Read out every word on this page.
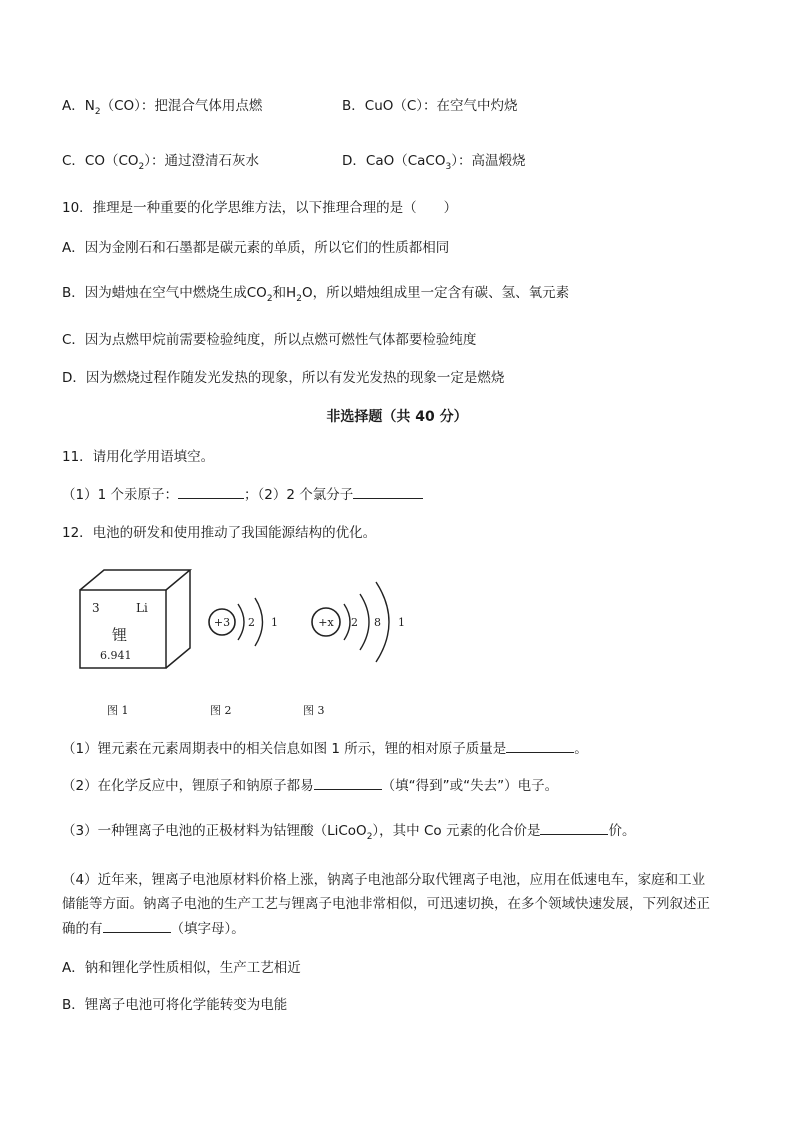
A．$N_2(CO)$：把混合气体用点燃	B．CuO（C）：在空气中灼烧
C．$CO(CO_2)$：通过澄清石灰水	D．CaO（CaCO$_3$）：高温煅烧
10．推理是一种重要的化学思维方法，以下推理合理的是（　　）
A．因为金刚石和石墨都是碳元素的单质，所以它们的性质都相同
B．因为蜡烛在空气中燃烧生成$CO_2$和$H_2O$，所以蜡烛组成里一定含有碳、氢、氧元素
C．因为点燃甲烷前需要检验纯度，所以点燃可燃性气体都要检验纯度
D．因为燃烧过程作随发光发热的现象，所以有发光发热的现象一定是燃烧
非选择题（共 40 分）
11．请用化学用语填空。
（1）1 个汞原子：	；（2）2 个氯分子
12．电池的研发和使用推动了我国能源结构的优化。
3	Li
锂
6.941
+3 2 1	+x 2 8 1
图 1	图 2	图 3
（1）锂元素在元素周期表中的相关信息如图 1 所示，锂的相对原子质量是	。
（2）在化学反应中，锂原子和钠原子都易	（填“得到”或“失去”）电子。
（3）一种锂离子电池的正极材料为钴锂酸（LiCoO$_2$），其中 Co 元素的化合价是	价。
（4）近年来，锂离子电池原材料价格上涨，钠离子电池部分取代锂离子电池，应用在低速电车，家庭和工业
储能等方面。钠离子电池的生产工艺与锂离子电池非常相似，可迅速切换，在多个领域快速发展，下列叙述正
确的有	（填字母）。
A．钠和锂化学性质相似，生产工艺相近
B．锂离子电池可将化学能转变为电能
